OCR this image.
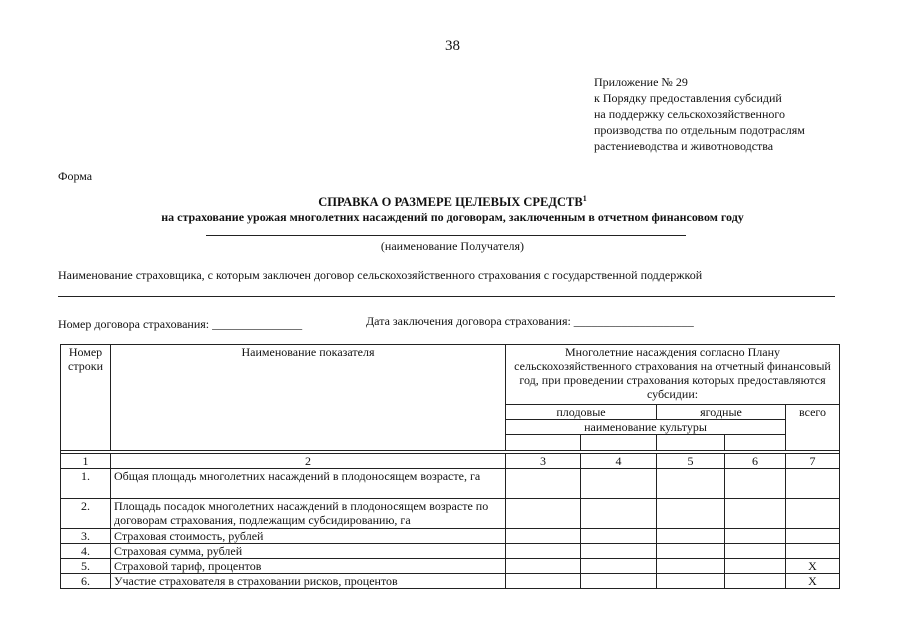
38
Приложение № 29
к Порядку предоставления субсидий
на поддержку сельскохозяйственного
производства по отдельным подотраслям
растениеводства и животноводства
Форма
СПРАВКА О РАЗМЕРЕ ЦЕЛЕВЫХ СРЕДСТВ$^1$
на страхование урожая многолетних насаждений по договорам, заключенным в отчетном финансовом году
(наименование Получателя)
Наименование страховщика, с которым заключен договор сельскохозяйственного страхования с государственной поддержкой
Номер договора страхования: _______________	Дата заключения договора страхования: ____________________
Номер строки	Наименование показателя	Многолетние насаждения согласно Плану сельскохозяйственного страхования на отчетный финансовый год, при проведении страхования которых предоставляются субсидии:				
		плодовые		ягодные		всего
		наименование культуры				

1	2	3	4	5	6	7
1.	Общая площадь многолетних насаждений в плодоносящем возрасте, га					
2.	Площадь посадок многолетних насаждений в плодоносящем возрасте по договорам страхования, подлежащим субсидированию, га					
3.	Страховая стоимость, рублей					
4.	Страховая сумма, рублей					
5.	Страховой тариф, процентов					Х
6.	Участие страхователя в страховании рисков, процентов					Х
